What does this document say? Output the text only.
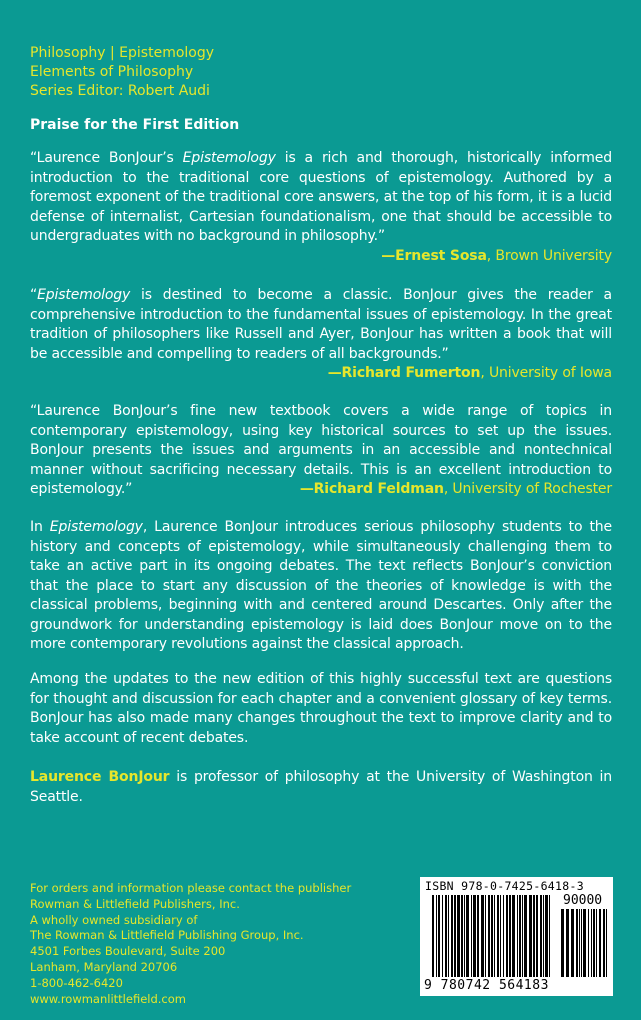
Philosophy | Epistemology
Elements of Philosophy
Series Editor: Robert Audi
Praise for the First Edition
“Laurence BonJour’s Epistemology is a rich and thorough, historically informed introduction to the traditional core questions of epistemology. Authored by a foremost exponent of the traditional core answers, at the top of his form, it is a lucid defense of internalist, Cartesian foundationalism, one that should be accessible to undergraduates with no background in philosophy.”
—Ernest Sosa, Brown University
“Epistemology is destined to become a classic. BonJour gives the reader a comprehensive introduction to the fundamental issues of epistemology. In the great tradition of philosophers like Russell and Ayer, BonJour has written a book that will be accessible and compelling to readers of all backgrounds.”
—Richard Fumerton, University of Iowa
“Laurence BonJour’s fine new textbook covers a wide range of topics in contemporary epistemology, using key historical sources to set up the issues. BonJour presents the issues and arguments in an accessible and nontechnical manner without sacrificing necessary details. This is an excellent introduction to epistemology.”	—Richard Feldman, University of Rochester
In Epistemology, Laurence BonJour introduces serious philosophy students to the history and concepts of epistemology, while simultaneously challenging them to take an active part in its ongoing debates. The text reflects BonJour’s conviction that the place to start any discussion of the theories of knowledge is with the classical problems, beginning with and centered around Descartes. Only after the groundwork for understanding epistemology is laid does BonJour move on to the more contemporary revolutions against the classical approach.
Among the updates to the new edition of this highly successful text are questions for thought and discussion for each chapter and a convenient glossary of key terms. BonJour has also made many changes throughout the text to improve clarity and to take account of recent debates.
Laurence BonJour is professor of philosophy at the University of Washington in Seattle.
For orders and information please contact the publisher
Rowman & Littlefield Publishers, Inc.
A wholly owned subsidiary of
The Rowman & Littlefield Publishing Group, Inc.
4501 Forbes Boulevard, Suite 200
Lanham, Maryland 20706
1-800-462-6420
www.rowmanlittlefield.com
ISBN 978-0-7425-6418-3
90000
9 780742 564183
